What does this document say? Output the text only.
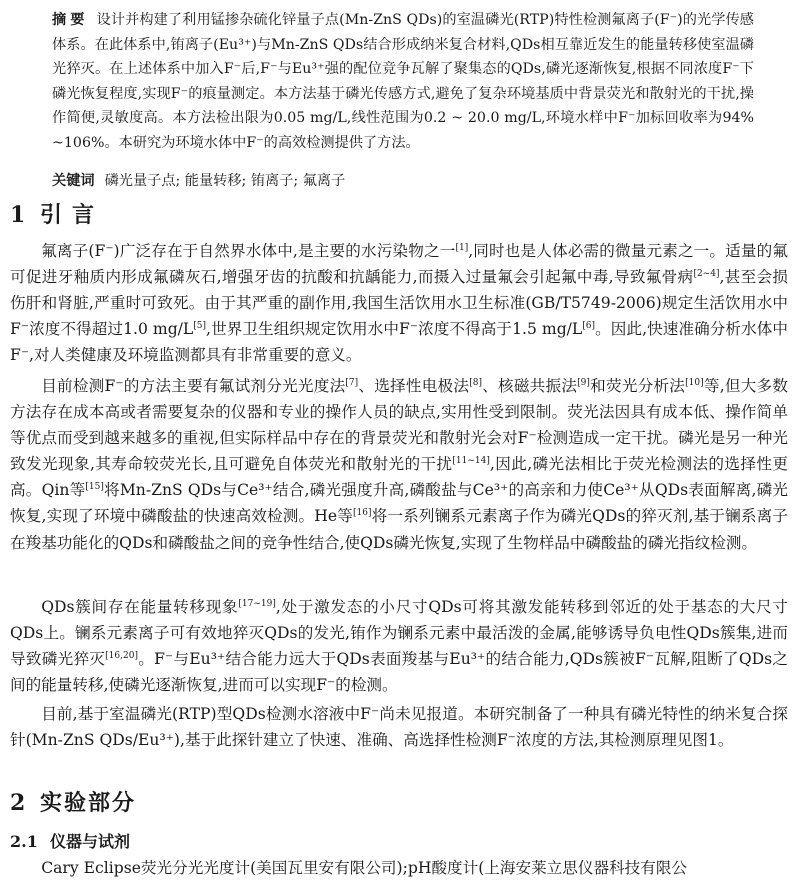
摘要 设计并构建了利用锰掺杂硫化锌量子点(Mn-ZnS QDs)的室温磷光(RTP)特性检测氟离子(F⁻)的光学传感体系。在此体系中,铕离子(Eu³⁺)与Mn-ZnS QDs结合形成纳米复合材料,QDs相互靠近发生的能量转移使室温磷光猝灭。在上述体系中加入F⁻后,F⁻与Eu³⁺强的配位竞争瓦解了聚集态的QDs,磷光逐渐恢复,根据不同浓度F⁻下磷光恢复程度,实现F⁻的痕量测定。本方法基于磷光传感方式,避免了复杂环境基质中背景荧光和散射光的干扰,操作简便,灵敏度高。本方法检出限为0.05 mg/L,线性范围为0.2 ~ 20.0 mg/L,环境水样中F⁻加标回收率为94% ~106%。本研究为环境水体中F⁻的高效检测提供了方法。

关键词 磷光量子点; 能量转移; 铕离子; 氟离子

1 引言

氟离子(F⁻)广泛存在于自然界水体中,是主要的水污染物之一[1],同时也是人体必需的微量元素之一。适量的氟可促进牙釉质内形成氟磷灰石,增强牙齿的抗酸和抗龋能力,而摄入过量氟会引起氟中毒,导致氟骨病[2~4],甚至会损伤肝和肾脏,严重时可致死。由于其严重的副作用,我国生活饮用水卫生标准(GB/T5749-2006)规定生活饮用水中F⁻浓度不得超过1.0 mg/L[5],世界卫生组织规定饮用水中F⁻浓度不得高于1.5 mg/L[6]。因此,快速准确分析水体中F⁻,对人类健康及环境监测都具有非常重要的意义。

目前检测F⁻的方法主要有氟试剂分光光度法[7]、选择性电极法[8]、核磁共振法[9]和荧光分析法[10]等,但大多数方法存在成本高或者需要复杂的仪器和专业的操作人员的缺点,实用性受到限制。荧光法因具有成本低、操作简单等优点而受到越来越多的重视,但实际样品中存在的背景荧光和散射光会对F⁻检测造成一定干扰。磷光是另一种光致发光现象,其寿命较荧光长,且可避免自体荧光和散射光的干扰[11~14],因此,磷光法相比于荧光检测法的选择性更高。Qin等[15]将Mn-ZnS QDs与Ce³⁺结合,磷光强度升高,磷酸盐与Ce³⁺的高亲和力使Ce³⁺从QDs表面解离,磷光恢复,实现了环境中磷酸盐的快速高效检测。He等[16]将一系列镧系元素离子作为磷光QDs的猝灭剂,基于镧系离子在羧基功能化的QDs和磷酸盐之间的竞争性结合,使QDs磷光恢复,实现了生物样品中磷酸盐的磷光指纹检测。

QDs簇间存在能量转移现象[17~19],处于激发态的小尺寸QDs可将其激发能转移到邻近的处于基态的大尺寸QDs上。镧系元素离子可有效地猝灭QDs的发光,铕作为镧系元素中最活泼的金属,能够诱导负电性QDs簇集,进而导致磷光猝灭[16,20]。F⁻与Eu³⁺结合能力远大于QDs表面羧基与Eu³⁺的结合能力,QDs簇被F⁻瓦解,阻断了QDs之间的能量转移,使磷光逐渐恢复,进而可以实现F⁻的检测。

目前,基于室温磷光(RTP)型QDs检测水溶液中F⁻尚未见报道。本研究制备了一种具有磷光特性的纳米复合探针(Mn-ZnS QDs/Eu³⁺),基于此探针建立了快速、准确、高选择性检测F⁻浓度的方法,其检测原理见图1。

2 实验部分
2.1 仪器与试剂

Cary Eclipse荧光分光光度计(美国瓦里安有限公司);pH酸度计(上海安莱立思仪器科技有限公
